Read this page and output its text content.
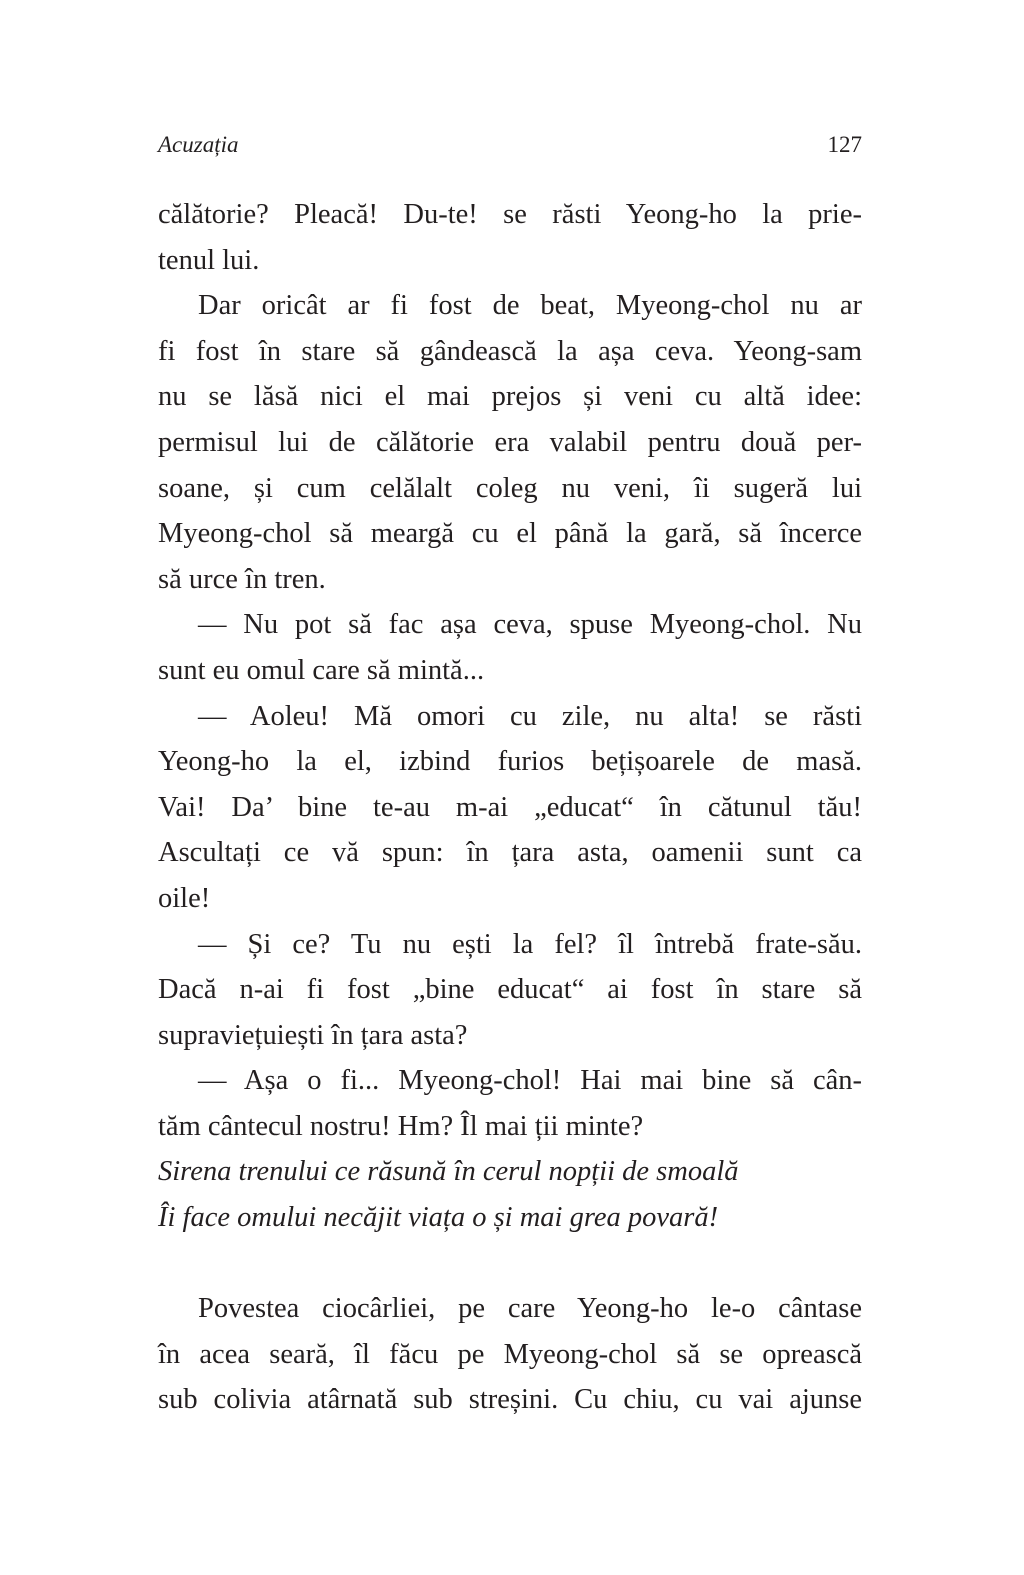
Acuzația	127
călătorie? Pleacă! Du-te! se răsti Yeong-ho la prie-
tenul lui.
Dar oricât ar fi fost de beat, Myeong-chol nu ar
fi fost în stare să gândească la așa ceva. Yeong-sam
nu se lăsă nici el mai prejos și veni cu altă idee:
permisul lui de călătorie era valabil pentru două per-
soane, și cum celălalt coleg nu veni, îi sugeră lui
Myeong-chol să meargă cu el până la gară, să încerce
să urce în tren.
— Nu pot să fac așa ceva, spuse Myeong-chol. Nu
sunt eu omul care să mintă...
— Aoleu! Mă omori cu zile, nu alta! se răsti
Yeong-ho la el, izbind furios bețișoarele de masă.
Vai! Da’ bine te-au m-ai „educat“ în cătunul tău!
Ascultați ce vă spun: în țara asta, oamenii sunt ca
oile!
— Și ce? Tu nu ești la fel? îl întrebă frate-său.
Dacă n-ai fi fost „bine educat“ ai fost în stare să
supraviețuiești în țara asta?
— Așa o fi... Myeong-chol! Hai mai bine să cân-
tăm cântecul nostru! Hm? Îl mai ții minte?
Sirena trenului ce răsună în cerul nopții de smoală
Îi face omului necăjit viața o și mai grea povară!
Povestea ciocârliei, pe care Yeong-ho le-o cântase
în acea seară, îl făcu pe Myeong-chol să se oprească
sub colivia atârnată sub streșini. Cu chiu, cu vai ajunse
